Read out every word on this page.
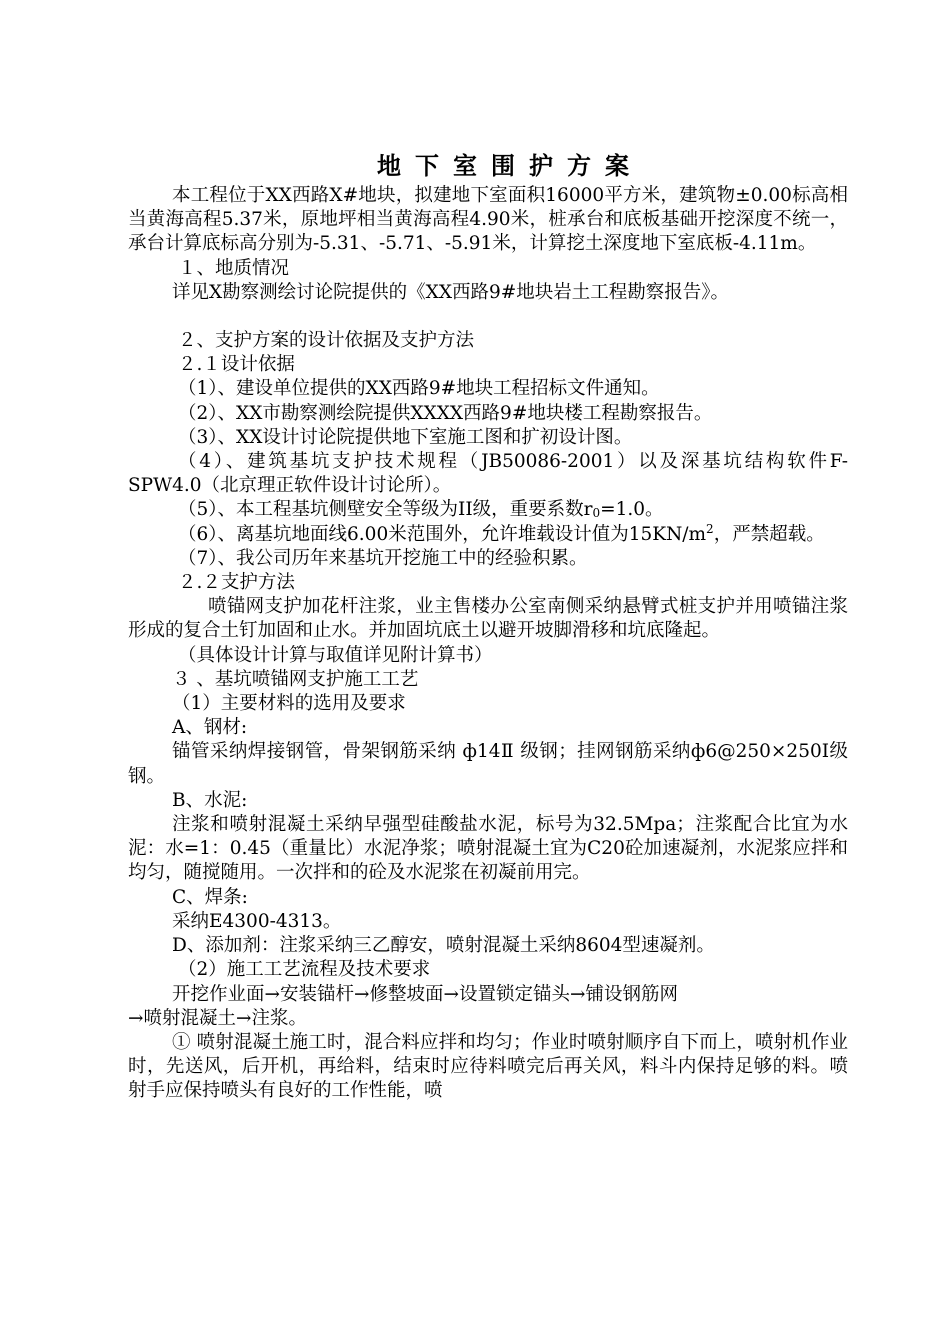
地下室围护方案

本工程位于XX西路X#地块，拟建地下室面积16000平方米，建筑物±0.00标高相当黄海高程5.37米，原地坪相当黄海高程4.90米，桩承台和底板基础开挖深度不统一，承台计算底标高分别为-5.31、-5.71、-5.91米，计算挖土深度地下室底板-4.11m。

１、地质情况

详见X勘察测绘讨论院提供的《XX西路9#地块岩土工程勘察报告》。

２、支护方案的设计依据及支护方法

２.１设计依据

（1）、建设单位提供的XX西路9#地块工程招标文件通知。

（2）、XX市勘察测绘院提供XXXX西路9#地块楼工程勘察报告。

（3）、XX设计讨论院提供地下室施工图和扩初设计图。

（4）、建筑基坑支护技术规程（JB50086-2001）以及深基坑结构软件F-SPW4.0（北京理正软件设计讨论所）。

（5）、本工程基坑侧壁安全等级为II级，重要系数$r_0=1.0$。

（6）、离基坑地面线6.00米范围外，允许堆载设计值为$15KN/m^2$，严禁超载。

（7）、我公司历年来基坑开挖施工中的经验积累。

２.２支护方法

喷锚网支护加花杆注浆，业主售楼办公室南侧采纳悬臂式桩支护并用喷锚注浆形成的复合土钉加固和止水。并加固坑底土以避开坡脚滑移和坑底隆起。

（具体设计计算与取值详见附计算书）

３ 、基坑喷锚网支护施工工艺

（1）主要材料的选用及要求

A、钢材:

锚管采纳焊接钢管，骨架钢筋采纳 ф14Ⅱ 级钢；挂网钢筋采纳ф6@250×250I级钢。

B、水泥:

注浆和喷射混凝土采纳早强型硅酸盐水泥，标号为32.5Mpa；注浆配合比宜为水泥：水=1：0.45（重量比）水泥净浆；喷射混凝土宜为C20砼加速凝剂，水泥浆应拌和均匀，随搅随用。一次拌和的砼及水泥浆在初凝前用完。

C、焊条:

采纳E4300-4313。

D、添加剂：注浆采纳三乙醇安，喷射混凝土采纳8604型速凝剂。

（2）施工工艺流程及技术要求

开挖作业面→安装锚杆→修整坡面→设置锁定锚头→铺设钢筋网

→喷射混凝土→注浆。

① 喷射混凝土施工时，混合料应拌和均匀；作业时喷射顺序自下而上，喷射机作业时，先送风，后开机，再给料，结束时应待料喷完后再关风，料斗内保持足够的料。喷射手应保持喷头有良好的工作性能，喷
